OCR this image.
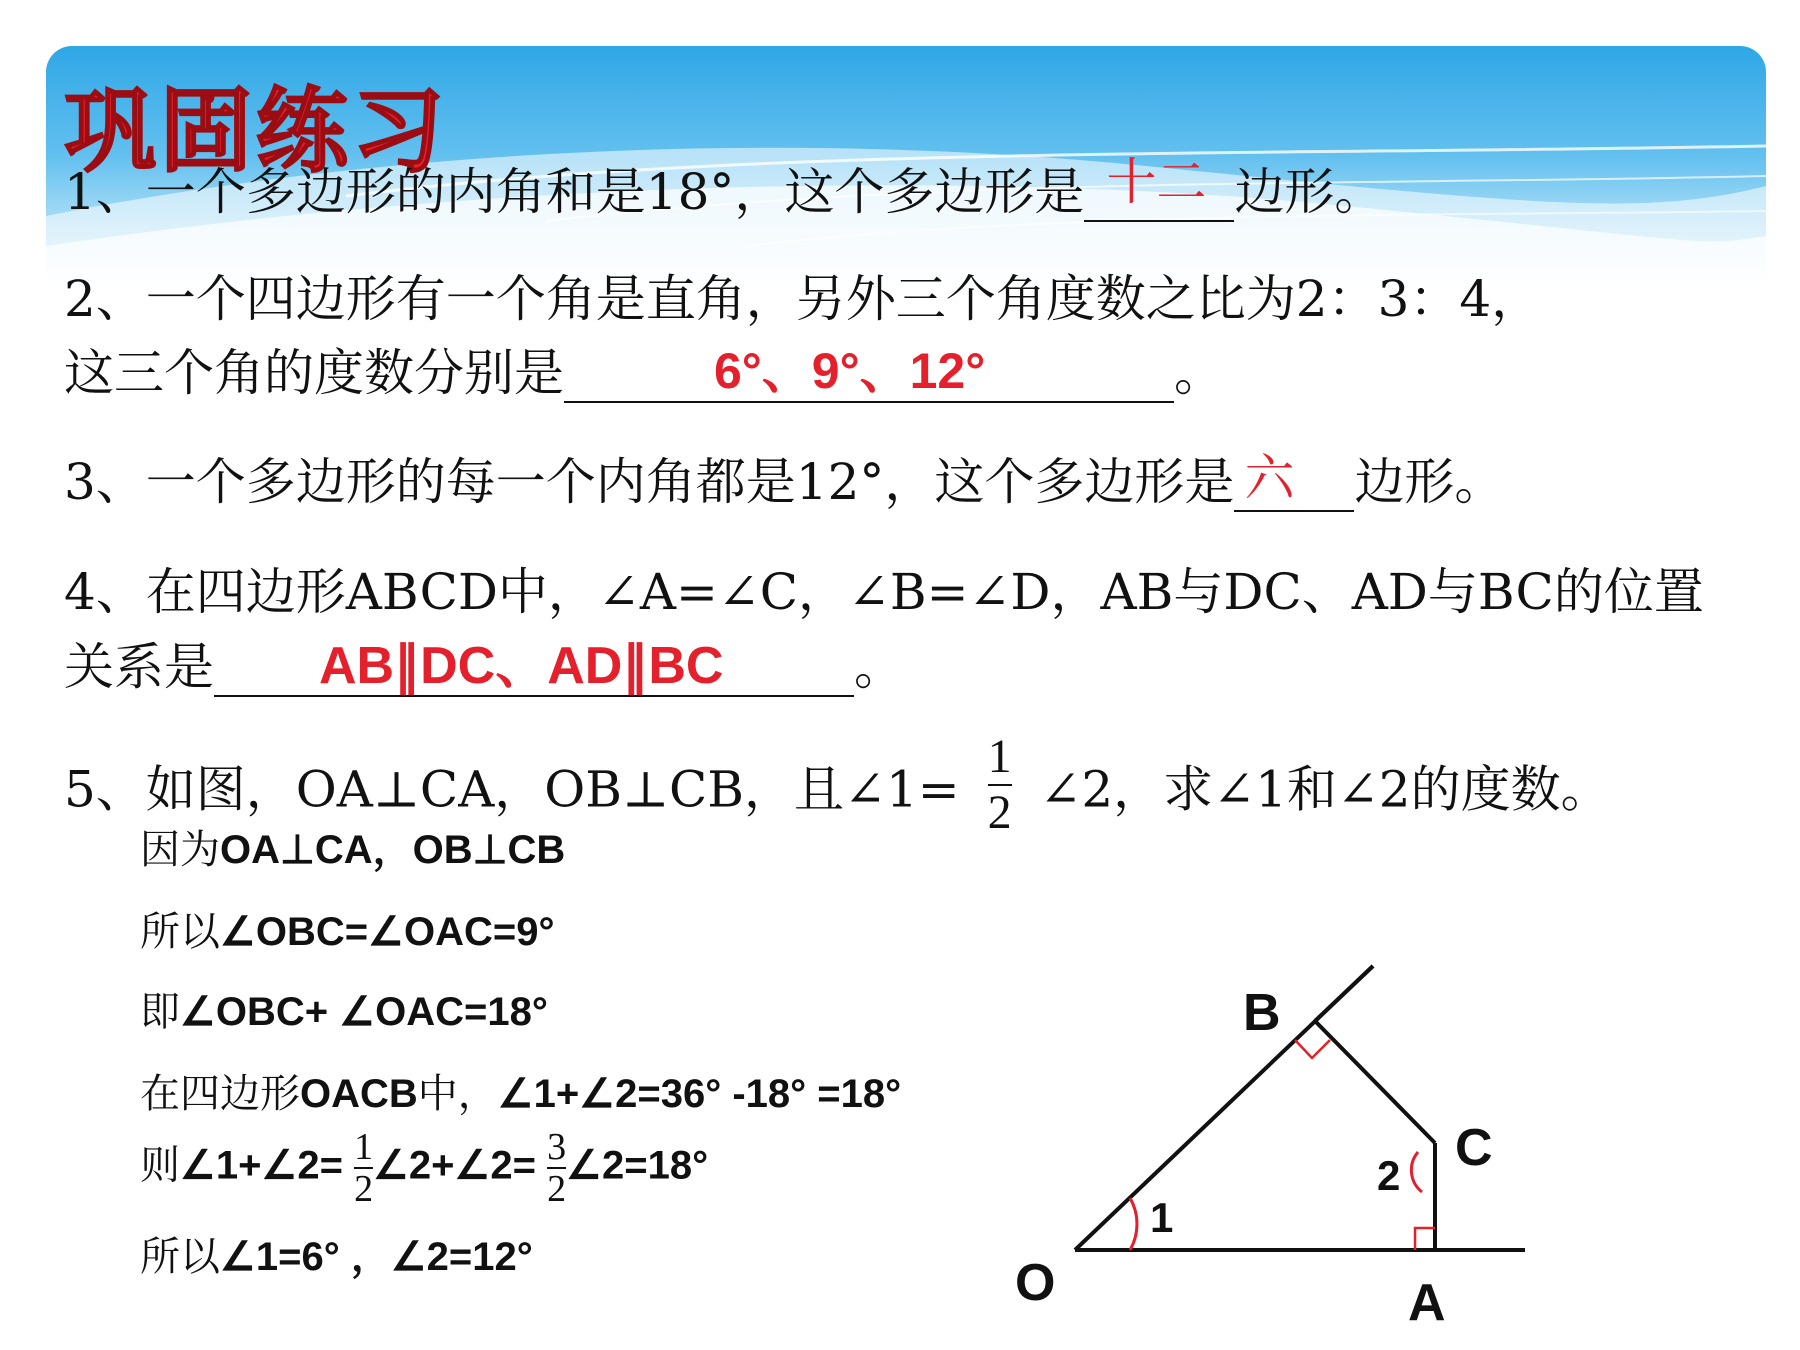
巩固练习
1、一个多边形的内角和是18°，这个多边形是 十二 边形。
2、一个四边形有一个角是直角，另外三个角度数之比为2：3：4，
这三个角的度数分别是	6°、9°、12°	。
3、一个多边形的每一个内角都是12°，这个多边形是 六 边形。
4、在四边形ABCD中，∠A=∠C，∠B=∠D，AB与DC、AD与BC的位置
关系是 AB∥DC、AD∥BC	。
5、如图，OA⊥CA，OB⊥CB，且∠1= $\frac{1}{2}$ ∠2，求∠1和∠2的度数。
因为OA⊥CA，OB⊥CB
所以∠OBC=∠OAC=9°
即∠OBC+ ∠OAC=18°
在四边形OACB中，∠1+∠2=36° -18° =18°
则∠1+∠2= $\frac{1}{2}$ ∠2+∠2= $\frac{3}{2}$ ∠2=18°
所以∠1=6° ，∠2=12°
B
C
O	A
1
2
